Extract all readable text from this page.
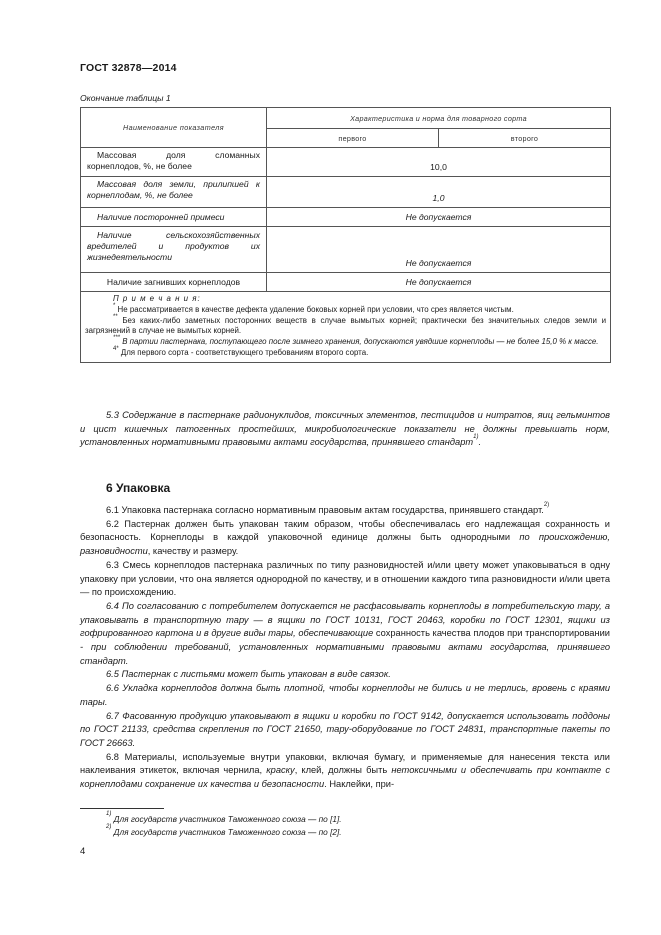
ГОСТ 32878—2014
Окончание таблицы 1
Наименование показателя	Характеристика и норма для товарного сорта	
	первого	второго
Массовая доля сломанных корнеплодов, %, не более	10,0	
Массовая доля земли, прилипшей к корнеплодам, %, не более	1,0	
Наличие посторонней примеси	Не допускается	
Наличие сельскохозяйственных вредителей и продуктов их жизнедеятельности	Не допускается	
Наличие загнивших корнеплодов	Не допускается	

П р и м е ч а н и я:

* Не рассматривается в качестве дефекта удаление боковых корней при условии, что срез является чистым.

** Без каких-либо заметных посторонних веществ в случае вымытых корней; практически без значительных следов земли и загрязнений в случае не вымытых корней.

*** В партии пастернака, поступающего после зимнего хранения, допускаются увядшие корнеплоды — не более 15,0 % к массе.

$^{4*}$ Для первого сорта - соответствующего требованиям второго сорта.		

5.3 Содержание в пастернаке радионуклидов, токсичных элементов, пестицидов и нитратов, яиц гельминтов и цист кишечных патогенных простейших, микробиологические показатели не должны превышать норм, установленных нормативными правовыми актами государства, принявшего стандарт$^{1)}$.

6 Упаковка

6.1 Упаковка пастернака согласно нормативным правовым актам государства, принявшего стандарт.$^{2)}$

6.2 Пастернак должен быть упакован таким образом, чтобы обеспечивалась его надлежащая сохранность и безопасность. Корнеплоды в каждой упаковочной единице должны быть однородными по происхождению, разновидности, качеству и размеру.

6.3 Смесь корнеплодов пастернака различных по типу разновидностей и/или цвету может упаковываться в одну упаковку при условии, что она является однородной по качеству, и в отношении каждого типа разновидности и/или цвета — по происхождению.

6.4 По согласованию с потребителем допускается не расфасовывать корнеплоды в потребительскую тару, а упаковывать в транспортную тару — в ящики по ГОСТ 10131, ГОСТ 20463, коробки по ГОСТ 12301, ящики из гофрированного картона и в другие виды тары, обеспечивающие сохранность качества плодов при транспортировании - при соблюдении требований, установленных нормативными правовыми актами государства, принявшего стандарт.

6.5 Пастернак с листьями может быть упакован в виде связок.

6.6 Укладка корнеплодов должна быть плотной, чтобы корнеплоды не бились и не терлись, вровень с краями тары.

6.7 Фасованную продукцию упаковывают в ящики и коробки по ГОСТ 9142, допускается использовать поддоны по ГОСТ 21133, средства скрепления по ГОСТ 21650, тару-оборудование по ГОСТ 24831, транспортные пакеты по ГОСТ 26663.

6.8 Материалы, используемые внутри упаковки, включая бумагу, и применяемые для нанесения текста или наклеивания этикеток, включая чернила, краску, клей, должны быть нетоксичными и обеспечивать при контакте с корнеплодами сохранение их качества и безопасности. Наклейки, при-

$^{1)}$ Для государств участников Таможенного союза — по [1].

$^{2)}$ Для государств участников Таможенного союза — по [2].

4
